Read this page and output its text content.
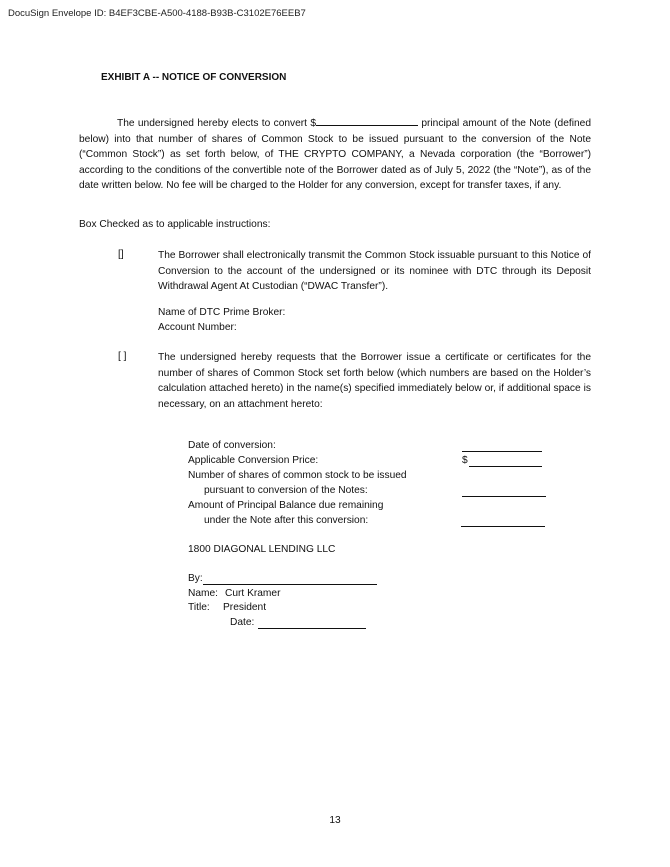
DocuSign Envelope ID: B4EF3CBE-A500-4188-B93B-C3102E76EEB7
EXHIBIT A -- NOTICE OF CONVERSION

The undersigned hereby elects to convert $	principal amount of the Note (defined below) into that number of shares of Common Stock to be issued pursuant to the conversion of the Note (“Common Stock”) as set forth below, of THE CRYPTO COMPANY, a Nevada corporation (the “Borrower”) according to the conditions of the convertible note of the Borrower dated as of July 5, 2022 (the “Note”), as of the date written below. No fee will be charged to the Holder for any conversion, except for transfer taxes, if any.

Box Checked as to applicable instructions:
[]	The Borrower shall electronically transmit the Common Stock issuable pursuant to this Notice of Conversion to the account of the undersigned or its nominee with DTC through its Deposit Withdrawal Agent At Custodian (“DWAC Transfer”).

Name of DTC Prime Broker:
Account Number:
[ ]	The undersigned hereby requests that the Borrower issue a certificate or certificates for the number of shares of Common Stock set forth below (which numbers are based on the Holder’s calculation attached hereto) in the name(s) specified immediately below or, if additional space is necessary, on an attachment hereto:

Date of conversion:
Applicable Conversion Price:	$
Number of shares of common stock to be issued
pursuant to conversion of the Notes:
Amount of Principal Balance due remaining
under the Note after this conversion:
1800 DIAGONAL LENDING LLC
By:
Name: Curt Kramer
Title: President
Date:
13
